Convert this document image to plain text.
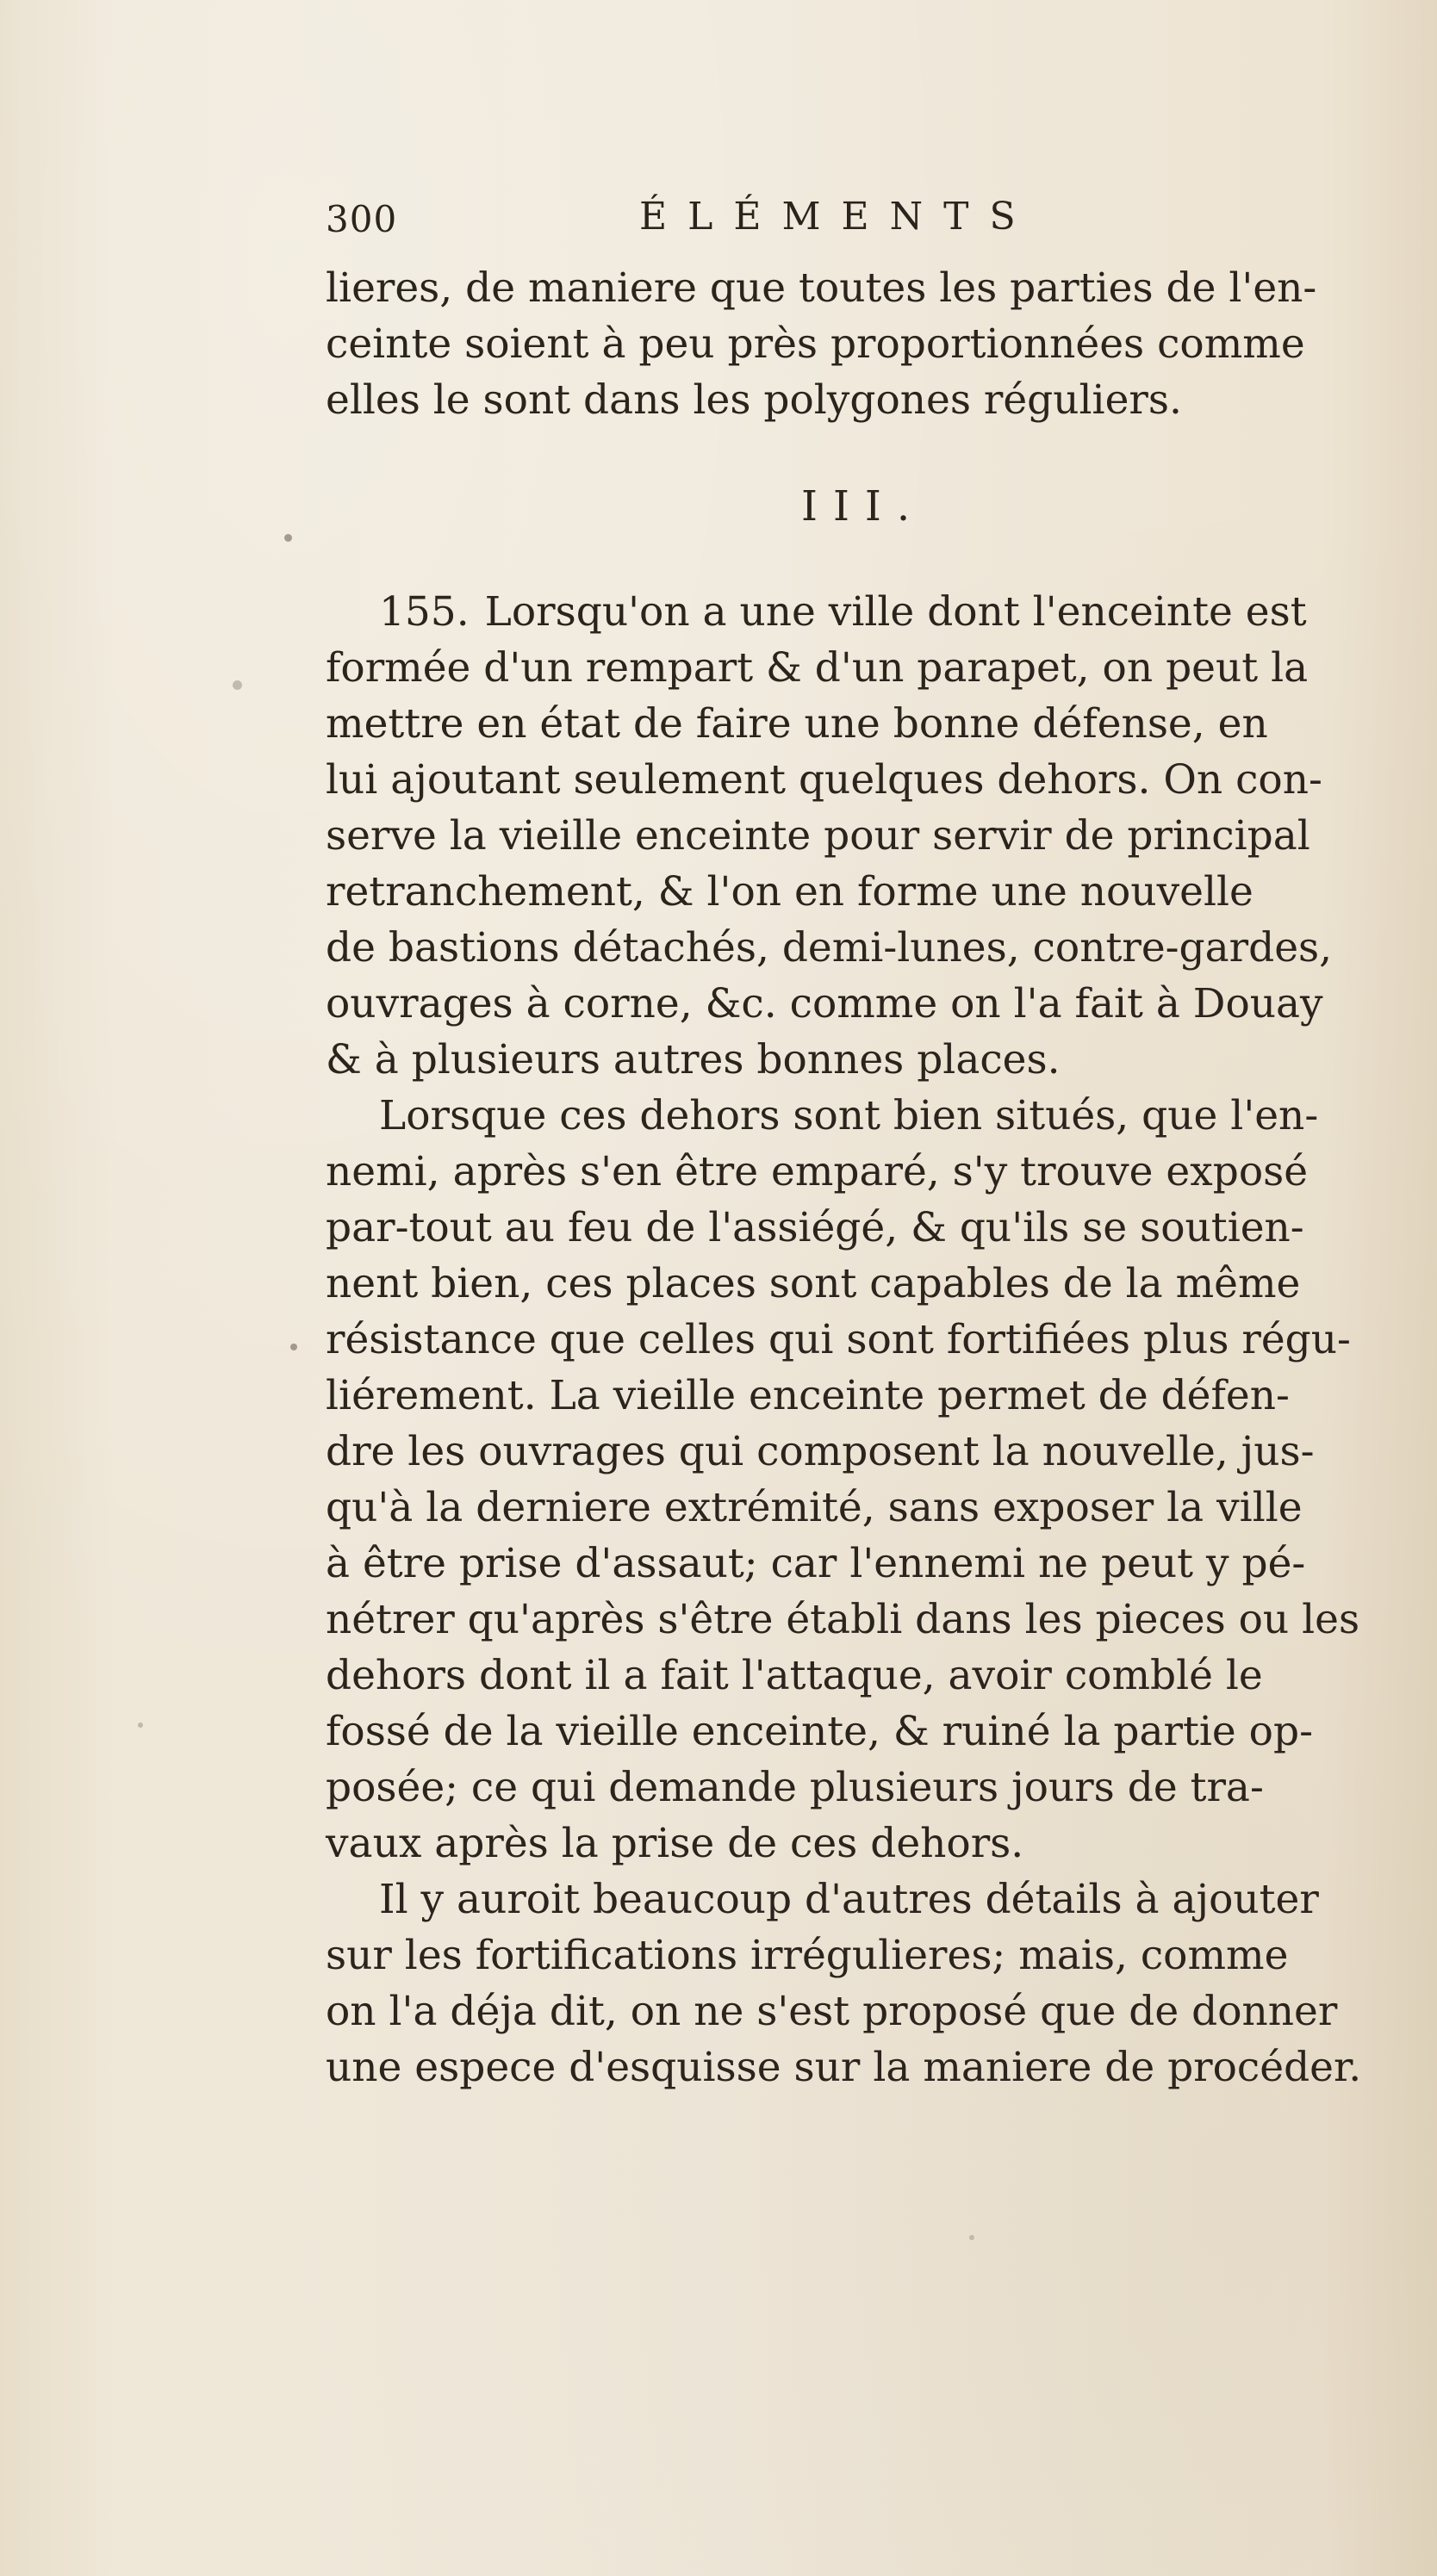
300	ÉLÉMENTS
lieres, de maniere que toutes les parties de l'en-
ceinte soient à peu près proportionnées comme
elles le sont dans les polygones réguliers.
III.
155. Lorsqu'on a une ville dont l'enceinte est
formée d'un rempart & d'un parapet, on peut la
mettre en état de faire une bonne défense, en
lui ajoutant seulement quelques dehors. On con-
serve la vieille enceinte pour servir de principal
retranchement, & l'on en forme une nouvelle
de bastions détachés, demi-lunes, contre-gardes,
ouvrages à corne, &c. comme on l'a fait à Douay
& à plusieurs autres bonnes places.
Lorsque ces dehors sont bien situés, que l'en-
nemi, après s'en être emparé, s'y trouve exposé
par-tout au feu de l'assiégé, & qu'ils se soutien-
nent bien, ces places sont capables de la même
résistance que celles qui sont fortifiées plus régu-
liérement. La vieille enceinte permet de défen-
dre les ouvrages qui composent la nouvelle, jus-
qu'à la derniere extrémité, sans exposer la ville
à être prise d'assaut; car l'ennemi ne peut y pé-
nétrer qu'après s'être établi dans les pieces ou les
dehors dont il a fait l'attaque, avoir comblé le
fossé de la vieille enceinte, & ruiné la partie op-
posée; ce qui demande plusieurs jours de tra-
vaux après la prise de ces dehors.
Il y auroit beaucoup d'autres détails à ajouter
sur les fortifications irrégulieres; mais, comme
on l'a déja dit, on ne s'est proposé que de donner
une espece d'esquisse sur la maniere de procéder.
